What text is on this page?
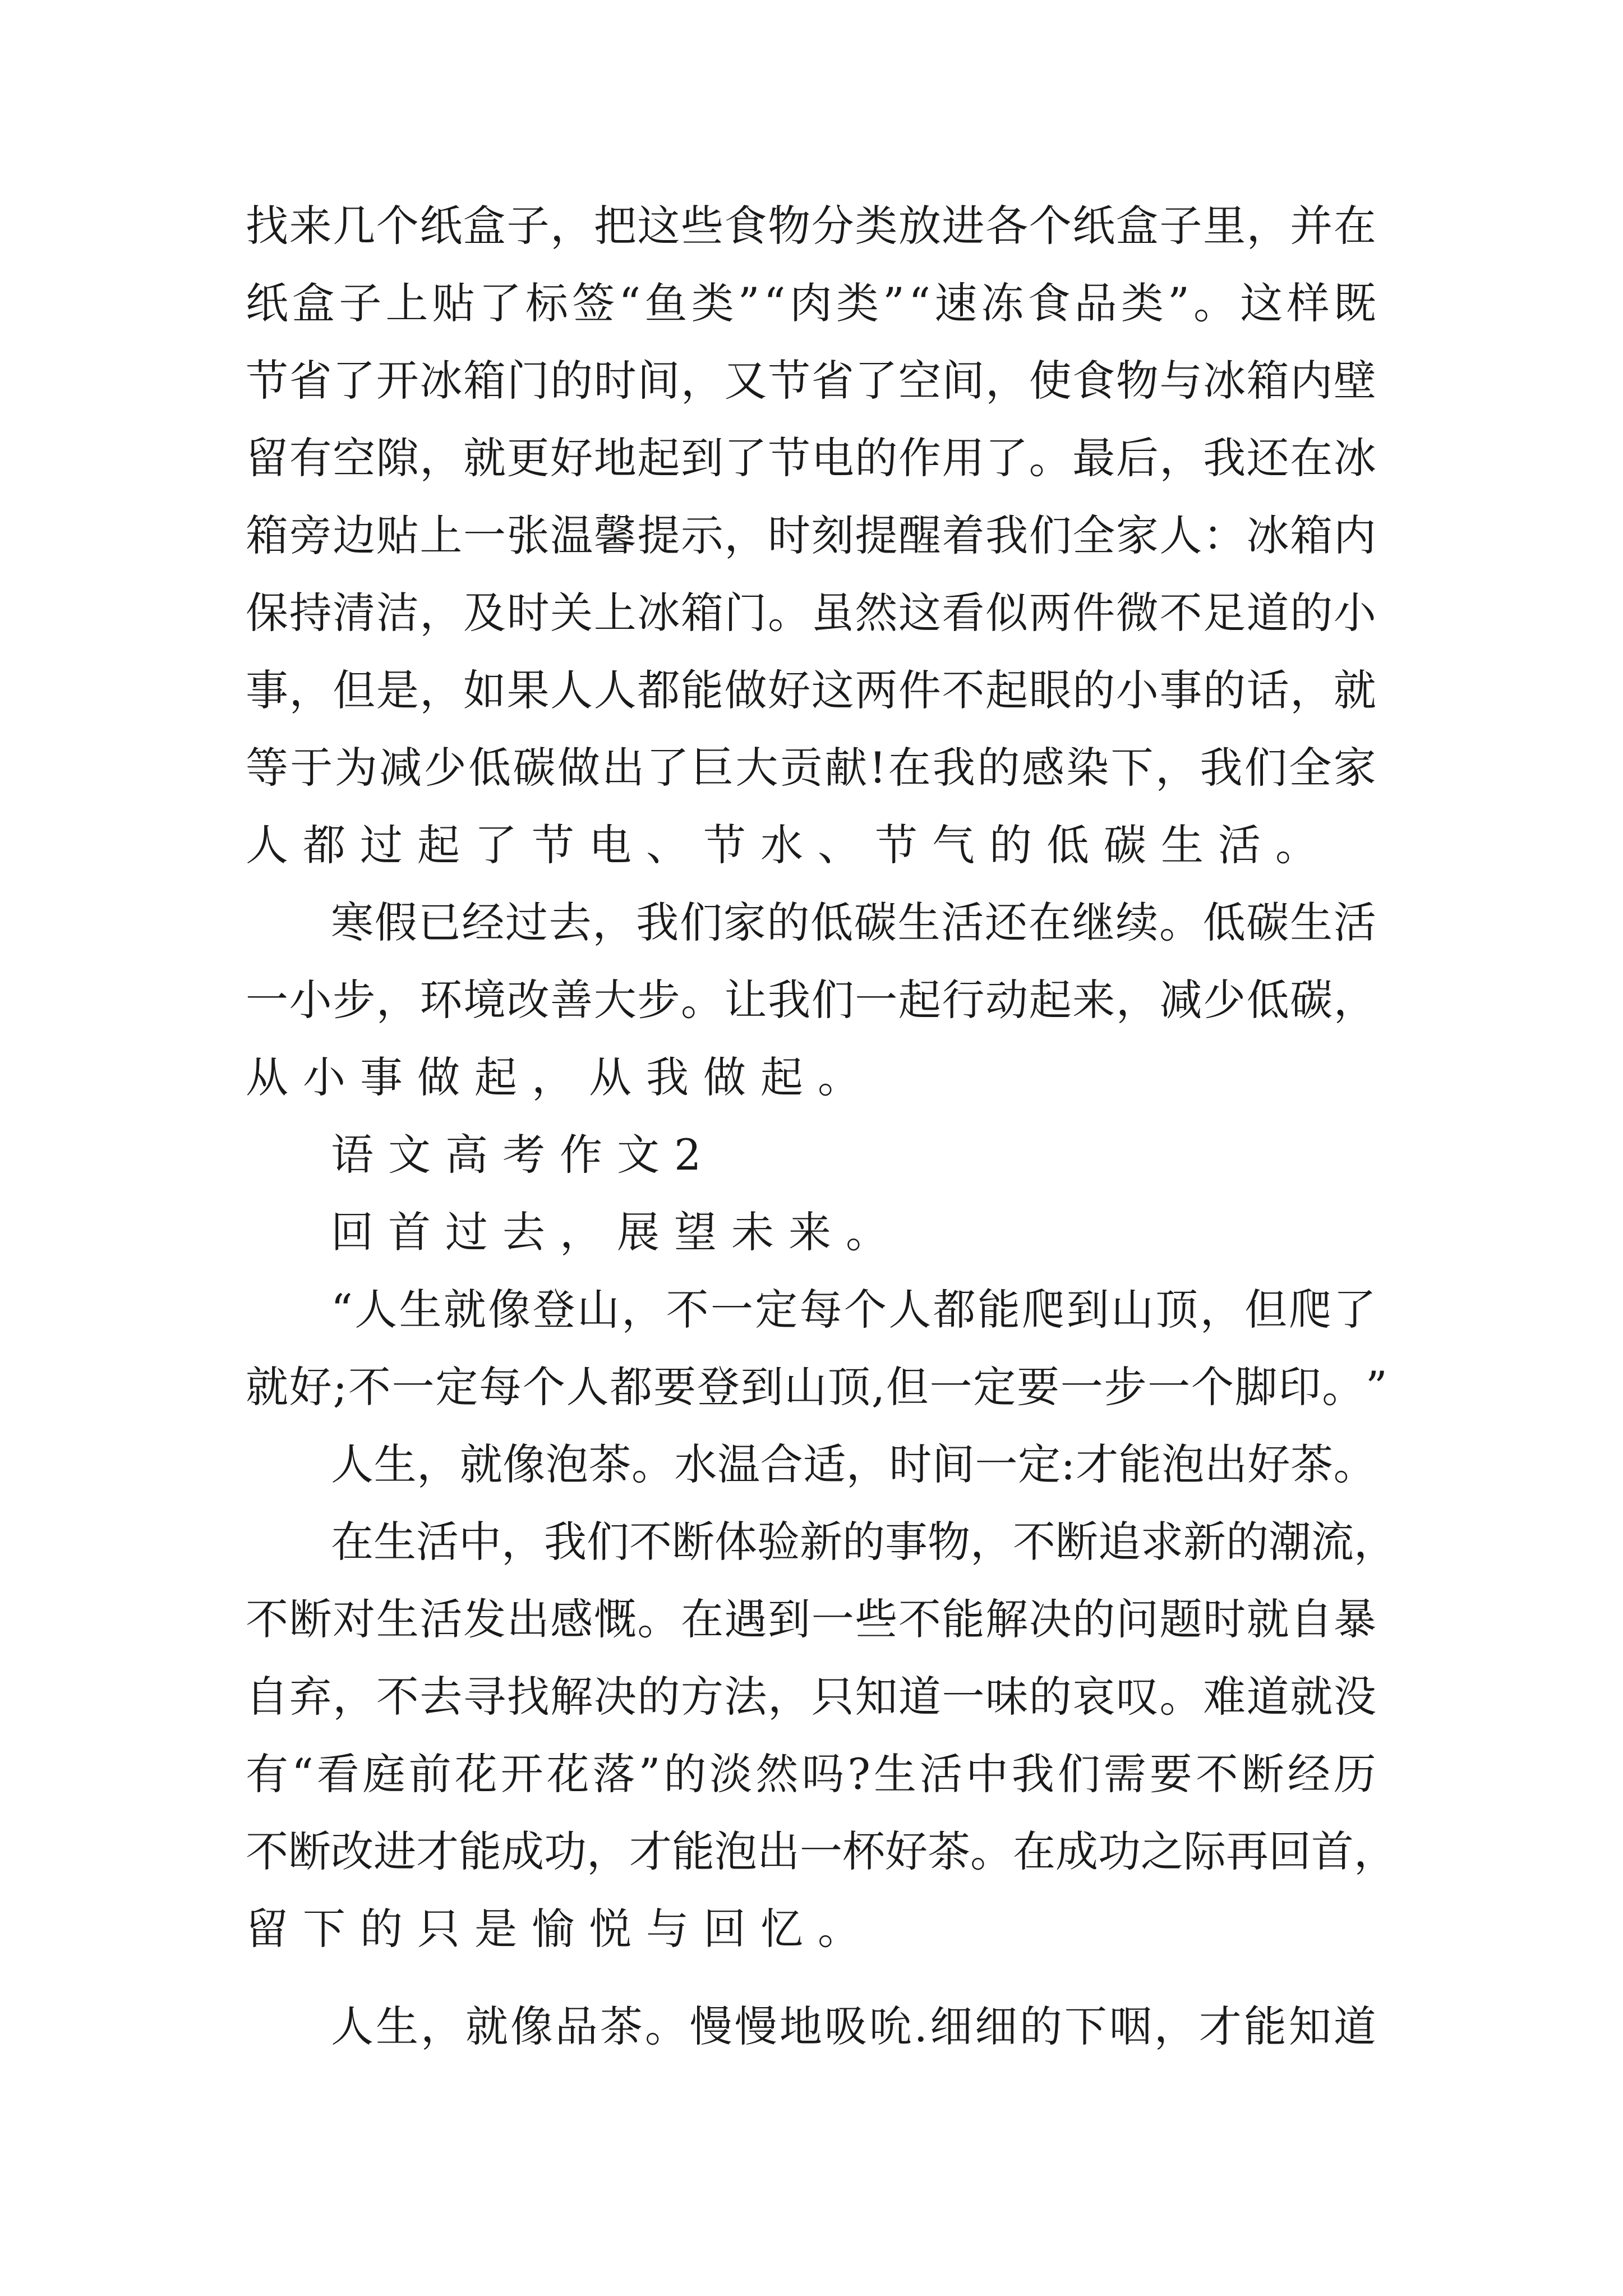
找 来 几 个 纸 盒 子 ， 把 这 些 食 物 分 类 放 进 各 个 纸 盒 子 里 ， 并 在
纸 盒 子 上 贴 了 标 签 “ 鱼 类 ” “ 肉 类 ” “ 速 冻 食 品 类 ” 。 这 样 既
节 省 了 开 冰 箱 门 的 时 间 ， 又 节 省 了 空 间 ， 使 食 物 与 冰 箱 内 壁
留 有 空 隙 ， 就 更 好 地 起 到 了 节 电 的 作 用 了 。 最 后 ， 我 还 在 冰
箱 旁 边 贴 上 一 张 温 馨 提 示 ， 时 刻 提 醒 着 我 们 全 家 人 ： 冰 箱 内
保 持 清 洁 ， 及 时 关 上 冰 箱 门 。 虽 然 这 看 似 两 件 微 不 足 道 的 小
事 ， 但 是 ， 如 果 人 人 都 能 做 好 这 两 件 不 起 眼 的 小 事 的 话 ， 就
等 于 为 减 少 低 碳 做 出 了 巨 大 贡 献 ! 在 我 的 感 染 下 ， 我 们 全 家
人都过起了节电、节水、节气的低碳生活。
寒 假 已 经 过 去 ， 我 们 家 的 低 碳 生 活 还 在 继 续 。 低 碳 生 活
一 小 步 ， 环 境 改 善 大 步 。 让 我 们 一 起 行 动 起 来 ， 减 少 低 碳 ，
从小事做起，从我做起。
语文高考作文2
回首过去，展望未来。
“ 人 生 就 像 登 山 ， 不 一 定 每 个 人 都 能 爬 到 山 顶 ， 但 爬 了
就 好 ; 不 一 定 每 个 人 都 要 登 到 山 顶 , 但 一 定 要 一 步 一 个 脚 印 。 ”
人 生 ， 就 像 泡 茶 。 水 温 合 适 ， 时 间 一 定 : 才 能 泡 出 好 茶 。
在 生 活 中 ， 我 们 不 断 体 验 新 的 事 物 ， 不 断 追 求 新 的 潮 流 ，
不 断 对 生 活 发 出 感 慨 。 在 遇 到 一 些 不 能 解 决 的 问 题 时 就 自 暴
自 弃 ， 不 去 寻 找 解 决 的 方 法 ， 只 知 道 一 味 的 哀 叹 。 难 道 就 没
有 “ 看 庭 前 花 开 花 落 ” 的 淡 然 吗 ? 生 活 中 我 们 需 要 不 断 经 历
不 断 改 进 才 能 成 功 ， 才 能 泡 出 一 杯 好 茶 。 在 成 功 之 际 再 回 首 ，
留下的只是愉悦与回忆。
人 生 ， 就 像 品 茶 。 慢 慢 地 吸 吮 . 细 细 的 下 咽 ， 才 能 知 道
